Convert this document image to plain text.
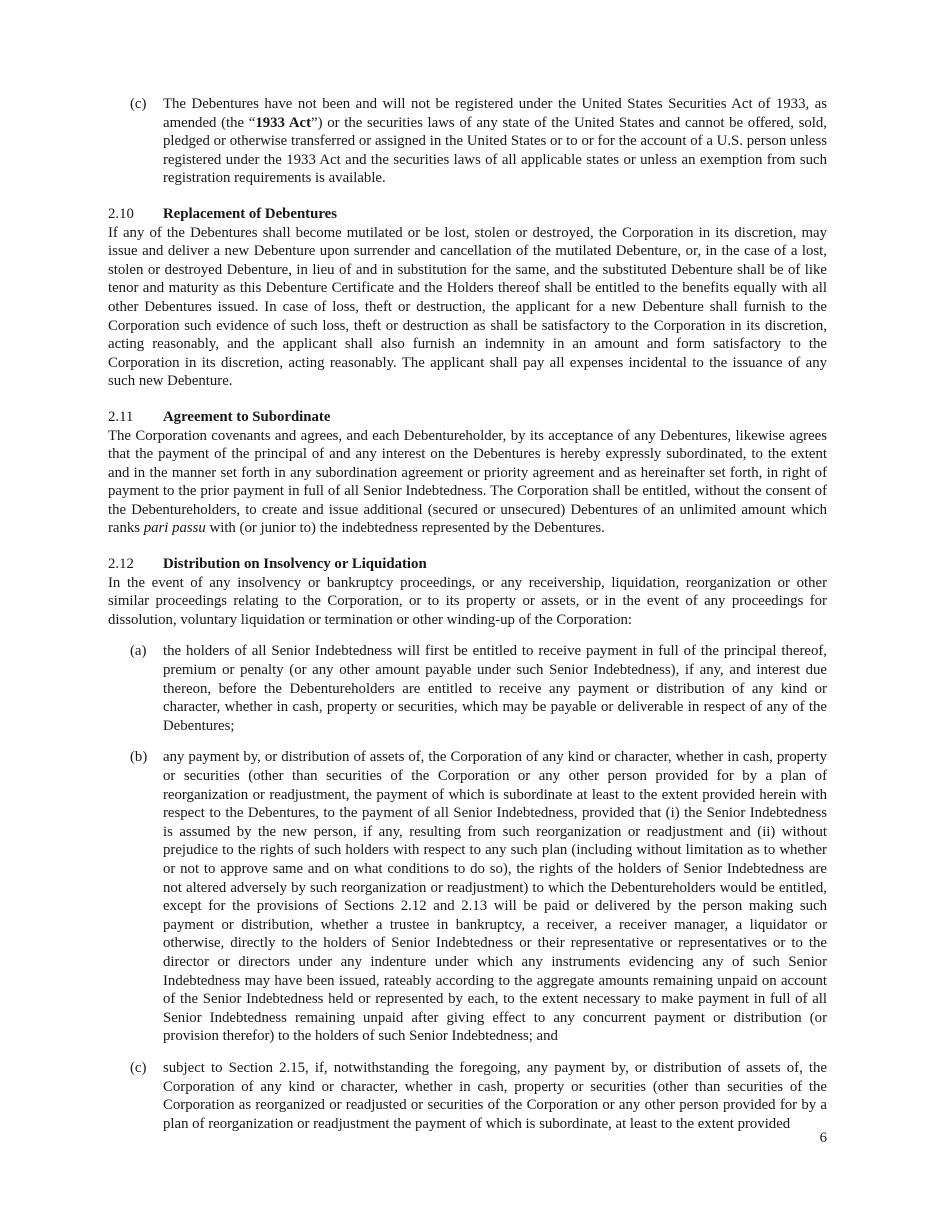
(c)	The Debentures have not been and will not be registered under the United States Securities Act of 1933, as amended (the “1933 Act”) or the securities laws of any state of the United States and cannot be offered, sold, pledged or otherwise transferred or assigned in the United States or to or for the account of a U.S. person unless registered under the 1933 Act and the securities laws of all applicable states or unless an exemption from such registration requirements is available.
2.10	Replacement of Debentures

If any of the Debentures shall become mutilated or be lost, stolen or destroyed, the Corporation in its discretion, may issue and deliver a new Debenture upon surrender and cancellation of the mutilated Debenture, or, in the case of a lost, stolen or destroyed Debenture, in lieu of and in substitution for the same, and the substituted Debenture shall be of like tenor and maturity as this Debenture Certificate and the Holders thereof shall be entitled to the benefits equally with all other Debentures issued. In case of loss, theft or destruction, the applicant for a new Debenture shall furnish to the Corporation such evidence of such loss, theft or destruction as shall be satisfactory to the Corporation in its discretion, acting reasonably, and the applicant shall also furnish an indemnity in an amount and form satisfactory to the Corporation in its discretion, acting reasonably. The applicant shall pay all expenses incidental to the issuance of any such new Debenture.

2.11	Agreement to Subordinate

The Corporation covenants and agrees, and each Debentureholder, by its acceptance of any Debentures, likewise agrees that the payment of the principal of and any interest on the Debentures is hereby expressly subordinated, to the extent and in the manner set forth in any subordination agreement or priority agreement and as hereinafter set forth, in right of payment to the prior payment in full of all Senior Indebtedness. The Corporation shall be entitled, without the consent of the Debentureholders, to create and issue additional (secured or unsecured) Debentures of an unlimited amount which ranks pari passu with (or junior to) the indebtedness represented by the Debentures.

2.12	Distribution on Insolvency or Liquidation

In the event of any insolvency or bankruptcy proceedings, or any receivership, liquidation, reorganization or other similar proceedings relating to the Corporation, or to its property or assets, or in the event of any proceedings for dissolution, voluntary liquidation or termination or other winding-up of the Corporation:

(a)	the holders of all Senior Indebtedness will first be entitled to receive payment in full of the principal thereof, premium or penalty (or any other amount payable under such Senior Indebtedness), if any, and interest due thereon, before the Debentureholders are entitled to receive any payment or distribution of any kind or character, whether in cash, property or securities, which may be payable or deliverable in respect of any of the Debentures;
(b)	any payment by, or distribution of assets of, the Corporation of any kind or character, whether in cash, property or securities (other than securities of the Corporation or any other person provided for by a plan of reorganization or readjustment, the payment of which is subordinate at least to the extent provided herein with respect to the Debentures, to the payment of all Senior Indebtedness, provided that (i) the Senior Indebtedness is assumed by the new person, if any, resulting from such reorganization or readjustment and (ii) without prejudice to the rights of such holders with respect to any such plan (including without limitation as to whether or not to approve same and on what conditions to do so), the rights of the holders of Senior Indebtedness are not altered adversely by such reorganization or readjustment) to which the Debentureholders would be entitled, except for the provisions of Sections 2.12 and 2.13 will be paid or delivered by the person making such payment or distribution, whether a trustee in bankruptcy, a receiver, a receiver manager, a liquidator or otherwise, directly to the holders of Senior Indebtedness or their representative or representatives or to the director or directors under any indenture under which any instruments evidencing any of such Senior Indebtedness may have been issued, rateably according to the aggregate amounts remaining unpaid on account of the Senior Indebtedness held or represented by each, to the extent necessary to make payment in full of all Senior Indebtedness remaining unpaid after giving effect to any concurrent payment or distribution (or provision therefor) to the holders of such Senior Indebtedness; and
(c)	subject to Section 2.15, if, notwithstanding the foregoing, any payment by, or distribution of assets of, the Corporation of any kind or character, whether in cash, property or securities (other than securities of the Corporation as reorganized or readjusted or securities of the Corporation or any other person provided for by a plan of reorganization or readjustment the payment of which is subordinate, at least to the extent provided
6
